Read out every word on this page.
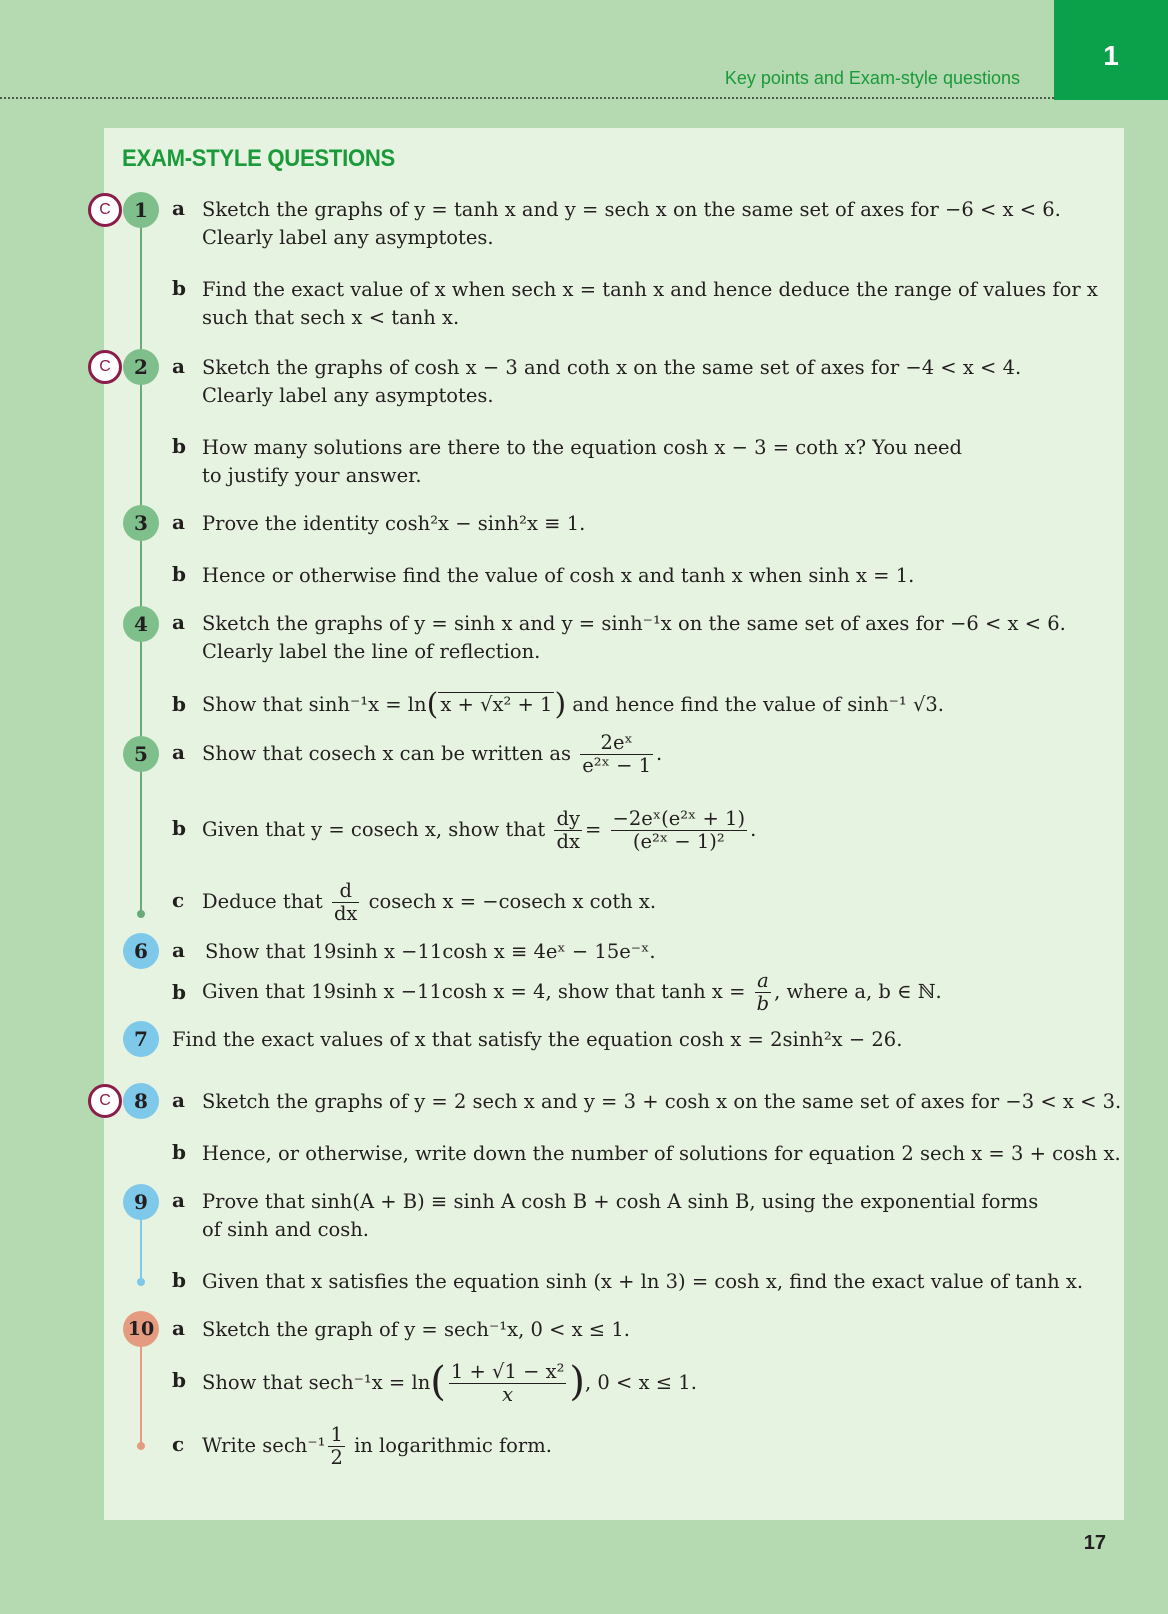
1
Key points and Exam-style questions
EXAM-STYLE QUESTIONS
C	1	a Sketch the graphs of y = tanh x and y = sech x on the same set of axes for −6 < x < 6.
Clearly label any asymptotes.
b Find the exact value of x when sech x = tanh x and hence deduce the range of values for x
such that sech x < tanh x.
C	2	a Sketch the graphs of cosh x − 3 and coth x on the same set of axes for −4 < x < 4.
Clearly label any asymptotes.
b How many solutions are there to the equation cosh x − 3 = coth x? You need
to justify your answer.
3	a Prove the identity cosh²x − sinh²x ≡ 1.
b Hence or otherwise find the value of cosh x and tanh x when sinh x = 1.
4	a Sketch the graphs of y = sinh x and y = sinh⁻¹x on the same set of axes for −6 < x < 6.
Clearly label the line of reflection.
b Show that sinh⁻¹x = ln( x + √x² + 1) and hence find the value of sinh⁻¹ √3.
5	a Show that cosech x can be written as $\frac{\text{2eˣ}}{\text{e²ˣ − 1}}$ .
b Given that y = cosech x, show that $\frac{dy}{dx} = \frac{\text{−2eˣ(e²ˣ + 1)}}{\text{(e²ˣ − 1)²}}$ .
c Deduce that $\frac{d}{dx}$ cosech x = −cosech x coth x.
6	a Show that 19sinh x −11cosh x ≡ 4eˣ − 15e⁻ˣ.
b Given that 19sinh x −11cosh x = 4, show that $\tanh x = \frac{a}{b}$ , where a, b ∈ ℕ.
7	Find the exact values of x that satisfy the equation cosh x = 2sinh²x − 26.
C	8	a Sketch the graphs of y = 2 sech x and y = 3 + cosh x on the same set of axes for −3 < x < 3.
b Hence, or otherwise, write down the number of solutions for equation 2 sech x = 3 + cosh x.
9	a Prove that sinh(A + B) ≡ sinh A cosh B + cosh A sinh B, using the exponential forms
of sinh and cosh.
b Given that x satisfies the equation sinh (x + ln 3) = cosh x, find the exact value of tanh x.
10 a Sketch the graph of y = sech⁻¹x, 0 < x ≤ 1.
b Show that $\sec h^{-1}x = \ln( \frac{\text{1 + √1 − x²}}{x}$ ), 0 < x ≤ 1.
c Write $\sec h^{-1} \frac{1}{2}$ in logarithmic form.
17
